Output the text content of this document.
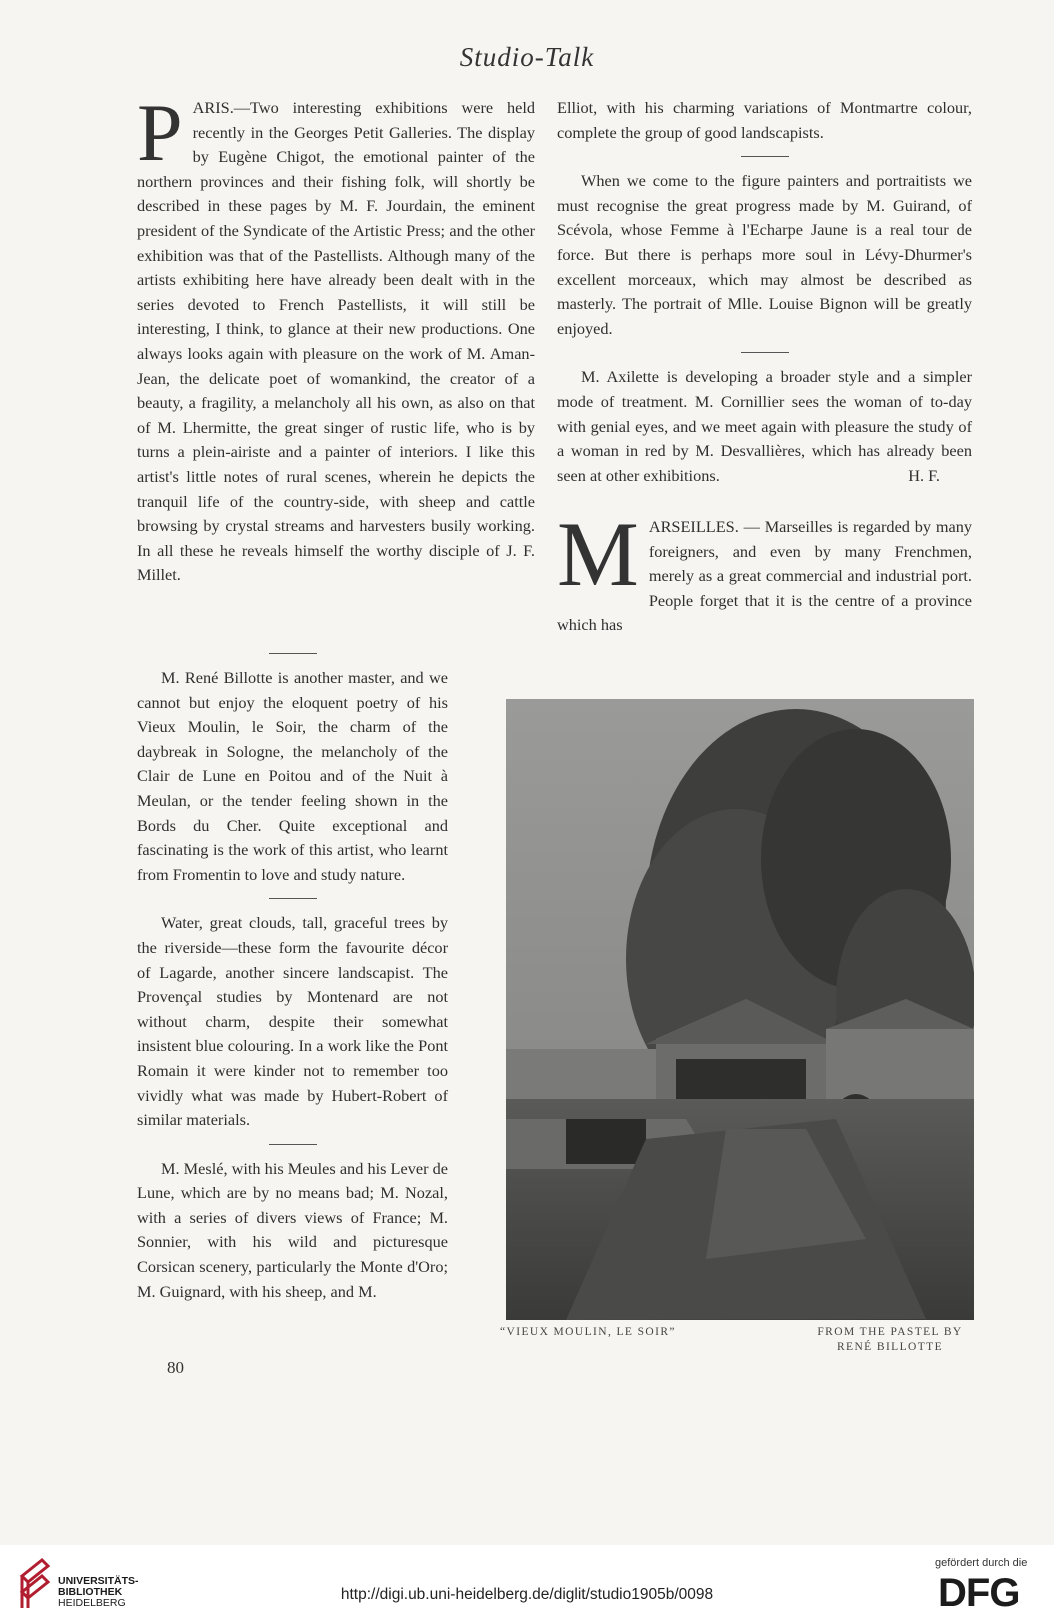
Studio-Talk
P ARIS.—Two interesting exhibitions were held recently in the Georges Petit Galleries. The display by Eugène Chigot, the emotional painter of the northern provinces and their fishing folk, will shortly be described in these pages by M. F. Jourdain, the eminent president of the Syndicate of the Artistic Press; and the other exhibition was that of the Pastellists. Although many of the artists exhibiting here have already been dealt with in the series devoted to French Pastellists, it will still be interesting, I think, to glance at their new productions. One always looks again with pleasure on the work of M. Aman-Jean, the delicate poet of womankind, the creator of a beauty, a fragility, a melancholy all his own, as also on that of M. Lhermitte, the great singer of rustic life, who is by turns a plein-airiste and a painter of interiors. I like this artist's little notes of rural scenes, wherein he depicts the tranquil life of the country-side, with sheep and cattle browsing by crystal streams and harvesters busily working. In all these he reveals himself the worthy disciple of J. F. Millet.

M. René Billotte is another master, and we cannot but enjoy the eloquent poetry of his Vieux Moulin, le Soir, the charm of the daybreak in Sologne, the melancholy of the Clair de Lune en Poitou and of the Nuit à Meulan, or the tender feeling shown in the Bords du Cher. Quite exceptional and fascinating is the work of this artist, who learnt from Fromentin to love and study nature.

Water, great clouds, tall, graceful trees by the riverside—these form the favourite décor of Lagarde, another sincere landscapist. The Provençal studies by Montenard are not without charm, despite their somewhat insistent blue colouring. In a work like the Pont Romain it were kinder not to remember too vividly what was made by Hubert-Robert of similar materials.

M. Meslé, with his Meules and his Lever de Lune, which are by no means bad; M. Nozal, with a series of divers views of France; M. Sonnier, with his wild and picturesque Corsican scenery, particularly the Monte d'Oro; M. Guignard, with his sheep, and M.

Elliot, with his charming variations of Montmartre colour, complete the group of good landscapists.

When we come to the figure painters and portraitists we must recognise the great progress made by M. Guirand, of Scévola, whose Femme à l'Echarpe Jaune is a real tour de force. But there is perhaps more soul in Lévy-Dhurmer's excellent morceaux, which may almost be described as masterly. The portrait of Mlle. Louise Bignon will be greatly enjoyed.

M. Axilette is developing a broader style and a simpler mode of treatment. M. Cornillier sees the woman of to-day with genial eyes, and we meet again with pleasure the study of a woman in red by M. Desvallières, which has already been seen at other exhibitions.	H. F.
M ARSEILLES. — Marseilles is regarded by many foreigners, and even by many Frenchmen, merely as a great commercial and industrial port. People forget that it is the centre of a province which has

“VIEUX MOULIN, LE SOIR”	FROM THE PASTEL BY
RENÉ BILLOTTE
80
UNIVERSITÄTS-
BIBLIOTHEK
HEIDELBERG	http://digi.ub.uni-heidelberg.de/diglit/studio1905b/0098
gefördert durch die
DFG
